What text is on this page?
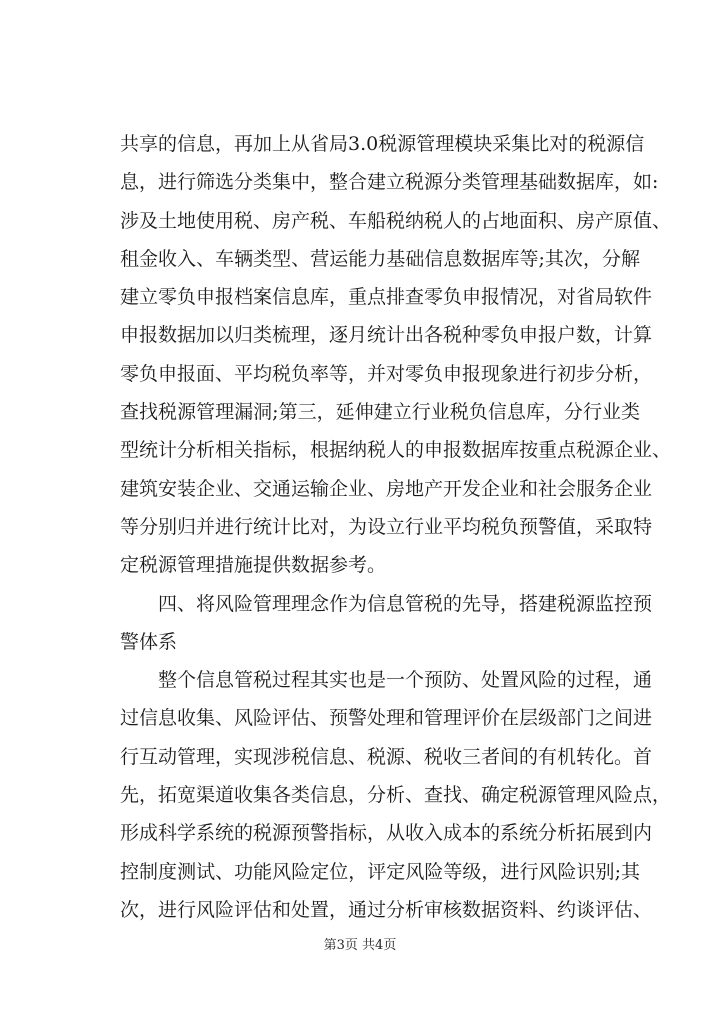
共享的信息，再加上从省局3.0税源管理模块采集比对的税源信
息，进行筛选分类集中，整合建立税源分类管理基础数据库，如:
涉及土地使用税、房产税、车船税纳税人的占地面积、房产原值、
租金收入、车辆类型、营运能力基础信息数据库等;其次，分解
建立零负申报档案信息库，重点排查零负申报情况，对省局软件
申报数据加以归类梳理，逐月统计出各税种零负申报户数，计算
零负申报面、平均税负率等，并对零负申报现象进行初步分析，
查找税源管理漏洞;第三，延伸建立行业税负信息库，分行业类
型统计分析相关指标，根据纳税人的申报数据库按重点税源企业、
建筑安装企业、交通运输企业、房地产开发企业和社会服务企业
等分别归并进行统计比对，为设立行业平均税负预警值，采取特
定税源管理措施提供数据参考。
四、将风险管理理念作为信息管税的先导，搭建税源监控预
警体系
整个信息管税过程其实也是一个预防、处置风险的过程，通
过信息收集、风险评估、预警处理和管理评价在层级部门之间进
行互动管理，实现涉税信息、税源、税收三者间的有机转化。首
先，拓宽渠道收集各类信息，分析、查找、确定税源管理风险点，
形成科学系统的税源预警指标，从收入成本的系统分析拓展到内
控制度测试、功能风险定位，评定风险等级，进行风险识别;其
次，进行风险评估和处置，通过分析审核数据资料、约谈评估、
第3页 共4页
